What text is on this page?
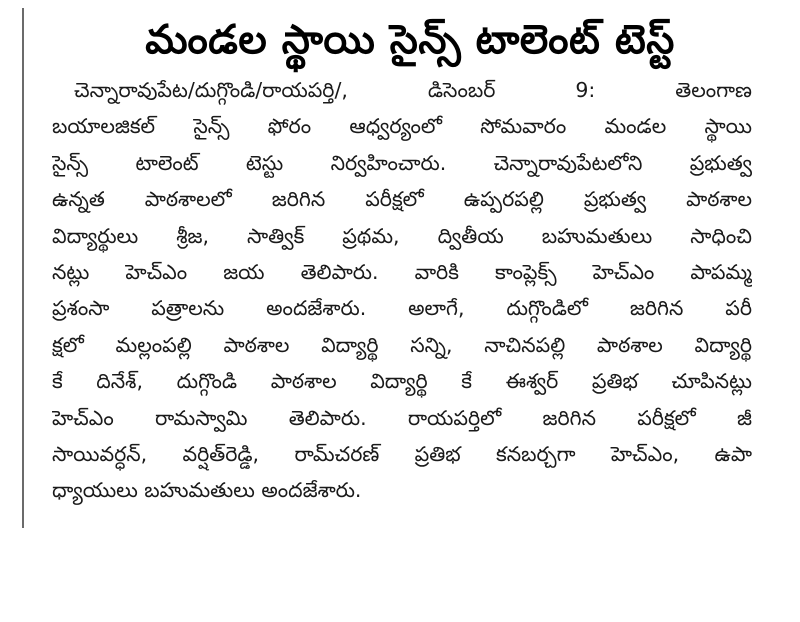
మండల స్థాయి సైన్స్ టాలెంట్ టెస్ట్
చెన్నారావుపేట/దుగ్గొండి/రాయపర్తి/, డిసెంబర్ 9: తెలంగాణ
బయాలజికల్ సైన్స్ ఫోరం ఆధ్వర్యంలో సోమవారం మండల స్థాయి
సైన్స్ టాలెంట్ టెస్టు నిర్వహించారు. చెన్నారావుపేటలోని ప్రభుత్వ
ఉన్నత పాఠశాలలో జరిగిన పరీక్షలో ఉప్పరపల్లి ప్రభుత్వ పాఠశాల
విద్యార్థులు శ్రీజ, సాత్విక్ ప్రథమ, ద్వితీయ బహుమతులు సాధించి
నట్లు హెచ్ఎం జయ తెలిపారు. వారికి కాంప్లెక్స్ హెచ్ఎం పాపమ్మ
ప్రశంసా పత్రాలను అందజేశారు. అలాగే, దుగ్గొండిలో జరిగిన పరీ
క్షలో మల్లంపల్లి పాఠశాల విద్యార్థి సన్ని, నాచినపల్లి పాఠశాల విద్యార్థి
కే దినేశ్, దుగ్గొండి పాఠశాల విద్యార్థి కే ఈశ్వర్ ప్రతిభ చూపినట్లు
హెచ్ఎం రామస్వామి తెలిపారు. రాయపర్తిలో జరిగిన పరీక్షలో జీ
సాయివర్ధన్, వర్షిత్‌రెడ్డి, రామ్‌చరణ్ ప్రతిభ కనబర్చగా హెచ్ఎం, ఉపా
ధ్యాయులు బహుమతులు అందజేశారు.
